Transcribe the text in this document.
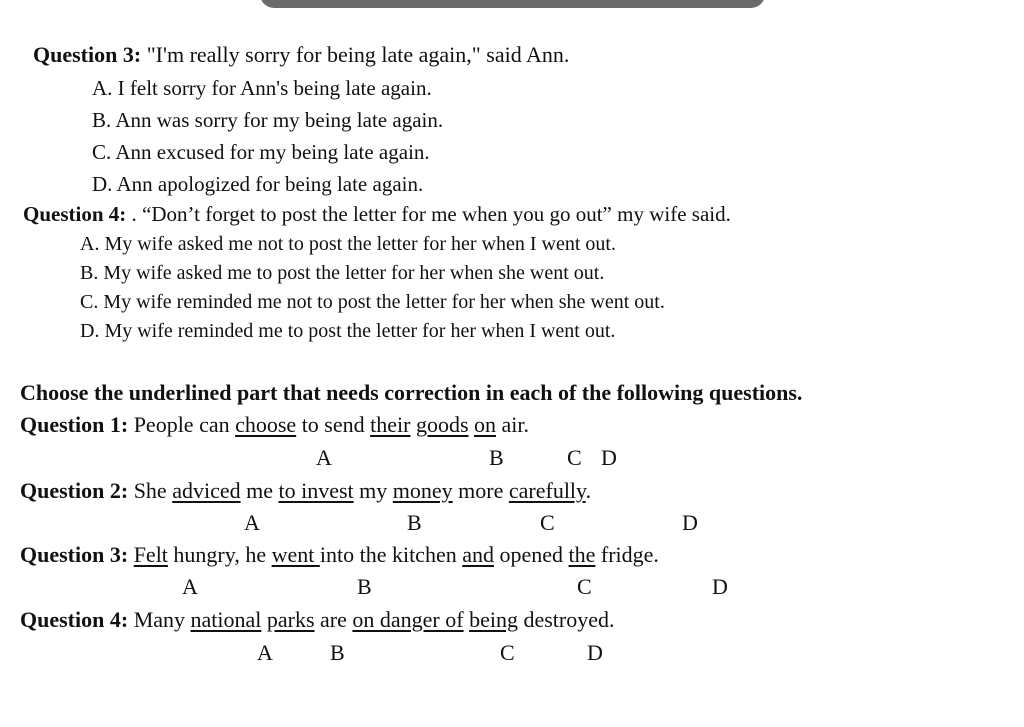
Question 3: "I'm really sorry for being late again," said Ann.
A. I felt sorry for Ann's being late again.
B. Ann was sorry for my being late again.
C. Ann excused for my being late again.
D. Ann apologized for being late again.
Question 4: . “Don’t forget to post the letter for me when you go out” my wife said.
A. My wife asked me not to post the letter for her when I went out.
B. My wife asked me to post the letter for her when she went out.
C. My wife reminded me not to post the letter for her when she went out.
D. My wife reminded me to post the letter for her when I went out.
Choose the underlined part that needs correction in each of the following questions.
Question 1: People can choose to send their goods on air.
A	B	C D
Question 2: She adviced me to invest my money more carefully.
A	B	C	D
Question 3: Felt hungry, he went into the kitchen and opened the fridge.
A	B	C	D
Question 4: Many national parks are on danger of being destroyed.
A	B	C	D
